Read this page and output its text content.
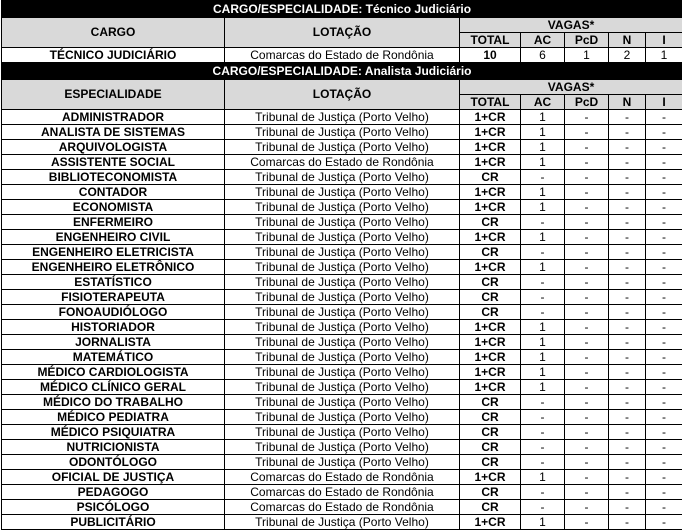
CARGO/ESPECIALIDADE: Técnico Judiciário						
CARGO	LOTAÇÃO	VAGAS*				
		TOTAL	AC	PcD	N	I
TÉCNICO JUDICIÁRIO	Comarcas do Estado de Rondônia	10	6	1	2	1
CARGO/ESPECIALIDADE: Analista Judiciário						
ESPECIALIDADE	LOTAÇÃO	VAGAS*				
		TOTAL	AC	PcD	N	I
ADMINISTRADOR	Tribunal de Justiça (Porto Velho)	1+CR	1	-	-	-
ANALISTA DE SISTEMAS	Tribunal de Justiça (Porto Velho)	1+CR	1	-	-	-
ARQUIVOLOGISTA	Tribunal de Justiça (Porto Velho)	1+CR	1	-	-	-
ASSISTENTE SOCIAL	Comarcas do Estado de Rondônia	1+CR	1	-	-	-
BIBLIOTECONOMISTA	Tribunal de Justiça (Porto Velho)	CR	-	-	-	-
CONTADOR	Tribunal de Justiça (Porto Velho)	1+CR	1	-	-	-
ECONOMISTA	Tribunal de Justiça (Porto Velho)	1+CR	1	-	-	-
ENFERMEIRO	Tribunal de Justiça (Porto Velho)	CR	-	-	-	-
ENGENHEIRO CIVIL	Tribunal de Justiça (Porto Velho)	1+CR	1	-	-	-
ENGENHEIRO ELETRICISTA	Tribunal de Justiça (Porto Velho)	CR	-	-	-	-
ENGENHEIRO ELETRÔNICO	Tribunal de Justiça (Porto Velho)	1+CR	1	-	-	-
ESTATÍSTICO	Tribunal de Justiça (Porto Velho)	CR	-	-	-	-
FISIOTERAPEUTA	Tribunal de Justiça (Porto Velho)	CR	-	-	-	-
FONOAUDIÓLOGO	Tribunal de Justiça (Porto Velho)	CR	-	-	-	-
HISTORIADOR	Tribunal de Justiça (Porto Velho)	1+CR	1	-	-	-
JORNALISTA	Tribunal de Justiça (Porto Velho)	1+CR	1	-	-	-
MATEMÁTICO	Tribunal de Justiça (Porto Velho)	1+CR	1	-	-	-
MÉDICO CARDIOLOGISTA	Tribunal de Justiça (Porto Velho)	1+CR	1	-	-	-
MÉDICO CLÍNICO GERAL	Tribunal de Justiça (Porto Velho)	1+CR	1	-	-	-
MÉDICO DO TRABALHO	Tribunal de Justiça (Porto Velho)	CR	-	-	-	-
MÉDICO PEDIATRA	Tribunal de Justiça (Porto Velho)	CR	-	-	-	-
MÉDICO PSIQUIATRA	Tribunal de Justiça (Porto Velho)	CR	-	-	-	-
NUTRICIONISTA	Tribunal de Justiça (Porto Velho)	CR	-	-	-	-
ODONTÓLOGO	Tribunal de Justiça (Porto Velho)	CR	-	-	-	-
OFICIAL DE JUSTIÇA	Comarcas do Estado de Rondônia	1+CR	1	-	-	-
PEDAGOGO	Comarcas do Estado de Rondônia	CR	-	-	-	-
PSICÓLOGO	Comarcas do Estado de Rondônia	CR	-	-	-	-
PUBLICITÁRIO	Tribunal de Justiça (Porto Velho)	1+CR	1	-	-	-
